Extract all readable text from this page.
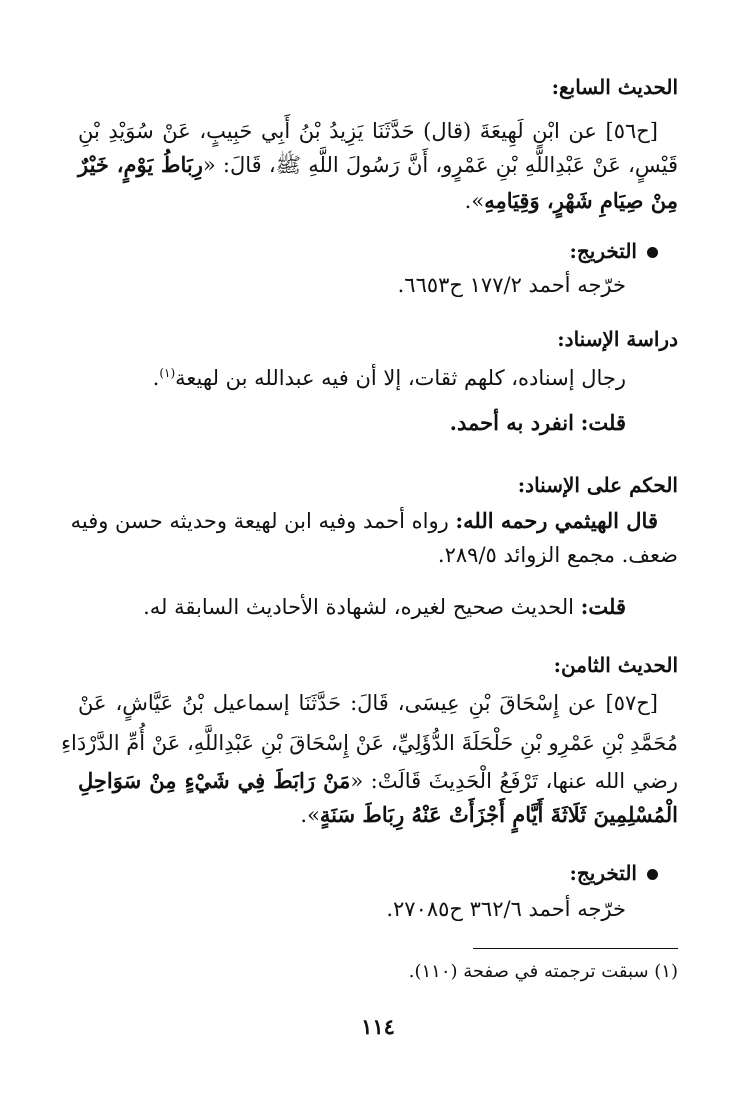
الحديث السابع:
[ح٥٦] عن ابْنِ لَهِيعَةَ (قال) حَدَّثَنَا يَزِيدُ بْنُ أَبِي حَبِيبٍ، عَنْ سُوَيْدِ بْنِ
قَيْسٍ، عَنْ عَبْدِاللَّهِ بْنِ عَمْرٍو، أَنَّ رَسُولَ اللَّهِ ﷺ، قَالَ: «رِبَاطُ يَوْمٍ، خَيْرٌ
مِنْ صِيَامِ شَهْرٍ، وَقِيَامِهِ».
التخريج:
خرّجه أحمد ١٧٧/٢ ح٦٦٥٣.
دراسة الإسناد:
رجال إسناده، كلهم ثقات، إلا أن فيه عبدالله بن لهيعة$^{(١)}$.
قلت: انفرد به أحمد.
الحكم على الإسناد:
قال الهيثمي رحمه الله: رواه أحمد وفيه ابن لهيعة وحديثه حسن وفيه
ضعف. مجمع الزوائد ٢٨٩/٥.
قلت: الحديث صحيح لغيره، لشهادة الأحاديث السابقة له.
الحديث الثامن:
[ح٥٧] عن إِسْحَاقَ بْنِ عِيسَى، قَالَ: حَدَّثَنَا إسماعيل بْنُ عَيَّاشٍ، عَنْ
مُحَمَّدِ بْنِ عَمْرِو بْنِ حَلْحَلَةَ الدُّؤَلِيِّ، عَنْ إِسْحَاقَ بْنِ عَبْدِاللَّهِ، عَنْ أُمِّ الدَّرْدَاءِ
رضي الله عنها، تَرْفَعُ الْحَدِيثَ قَالَتْ: «مَنْ رَابَطَ فِي شَيْءٍ مِنْ سَوَاحِلِ
الْمُسْلِمِينَ ثَلَاثَةَ أَيَّامٍ أَجْزَأَتْ عَنْهُ رِبَاطَ سَنَةٍ».
التخريج:
خرّجه أحمد ٣٦٢/٦ ح٢٧٠٨٥.
(١) سبقت ترجمته في صفحة (١١٠).
١١٤
